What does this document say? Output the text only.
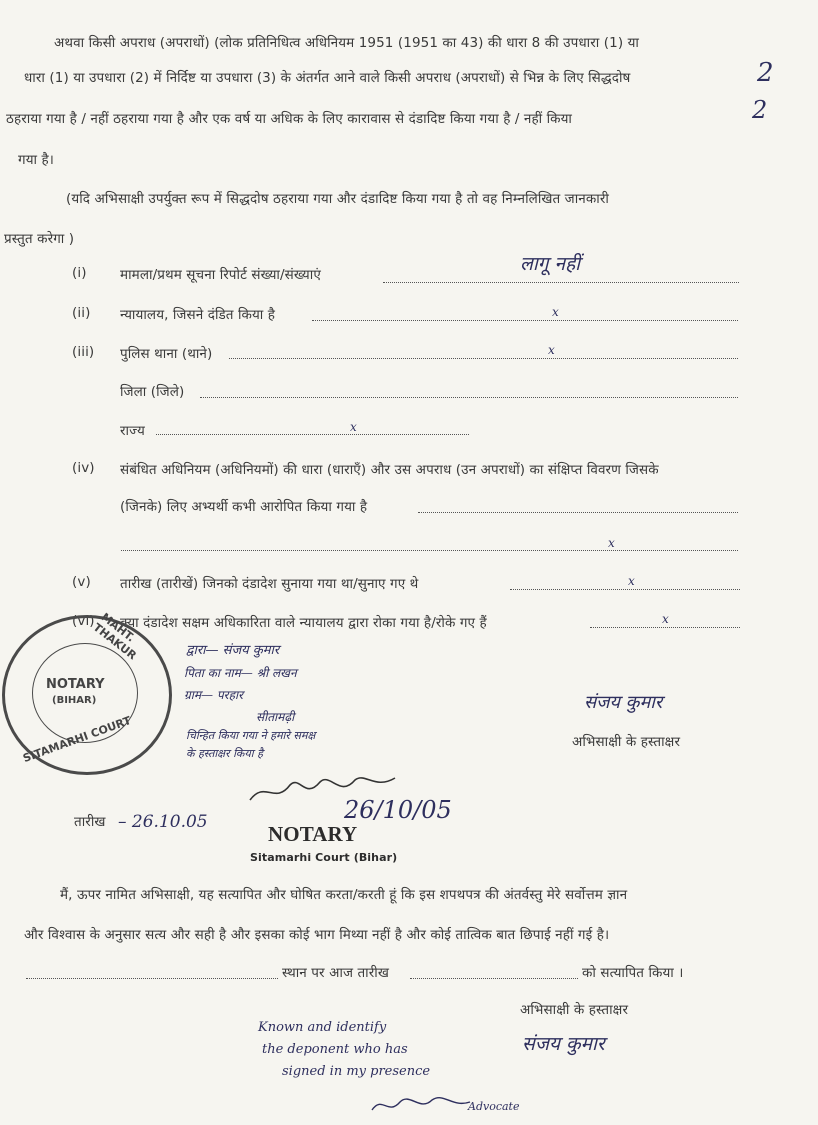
अथवा किसी अपराध (अपराधों) (लोक प्रतिनिधित्व अधिनियम 1951 (1951 का 43) की धारा 8 की उपधारा (1) या
धारा (1) या उपधारा (2) में निर्दिष्ट या उपधारा (3) के अंतर्गत आने वाले किसी अपराध (अपराधों) से भिन्न के लिए सिद्धदोष
ठहराया गया है / नहीं ठहराया गया है और एक वर्ष या अधिक के लिए कारावास से दंडादिष्ट किया गया है / नहीं किया
गया है।
2
2
(यदि अभिसाक्षी उपर्युक्त रूप में सिद्धदोष ठहराया गया और दंडादिष्ट किया गया है तो वह निम्नलिखित जानकारी
प्रस्तुत करेगा )
(i) मामला/प्रथम सूचना रिपोर्ट संख्या/संख्याएं	लागू नहीं
(ii) न्यायालय, जिसने दंडित किया है	x
(iii) पुलिस थाना (थाने)	x
जिला (जिले)
राज्य	x
(iv) संबंधित अधिनियम (अधिनियमों) की धारा (धाराएँ) और उस अपराध (उन अपराधों) का संक्षिप्त विवरण जिसके
(जिनके) लिए अभ्यर्थी कभी आरोपित किया गया है
x
(v) तारीख (तारीखें) जिनको दंडादेश सुनाया गया था/सुनाए गए थे	x
(vi) क्या दंडादेश सक्षम अधिकारिता वाले न्यायालय द्वारा रोका गया है/रोके गए हैं	x
MAHT. THAKUR
NOTARY
(BIHAR)
SITAMARHI COURT
द्वारा— संजय कुमार
पिता का नाम— श्री लखन
ग्राम— परहार
सीतामढ़ी
चिन्हित किया गया ने हमारे समक्ष
के हस्ताक्षर किया है
संजय कुमार
अभिसाक्षी के हस्ताक्षर
तारीख – 26.10.05	26/10/05
NOTARY
Sitamarhi Court (Bihar)
मैं, ऊपर नामित अभिसाक्षी, यह सत्यापित और घोषित करता/करती हूं कि इस शपथपत्र की अंतर्वस्तु मेरे सर्वोत्तम ज्ञान
और विश्वास के अनुसार सत्य और सही है और इसका कोई भाग मिथ्या नहीं है और कोई तात्विक बात छिपाई नहीं गई है।
स्थान पर आज तारीख	को सत्यापित किया ।
अभिसाक्षी के हस्ताक्षर
संजय कुमार
Known and identify
the deponent who has
signed in my presence
Advocate
